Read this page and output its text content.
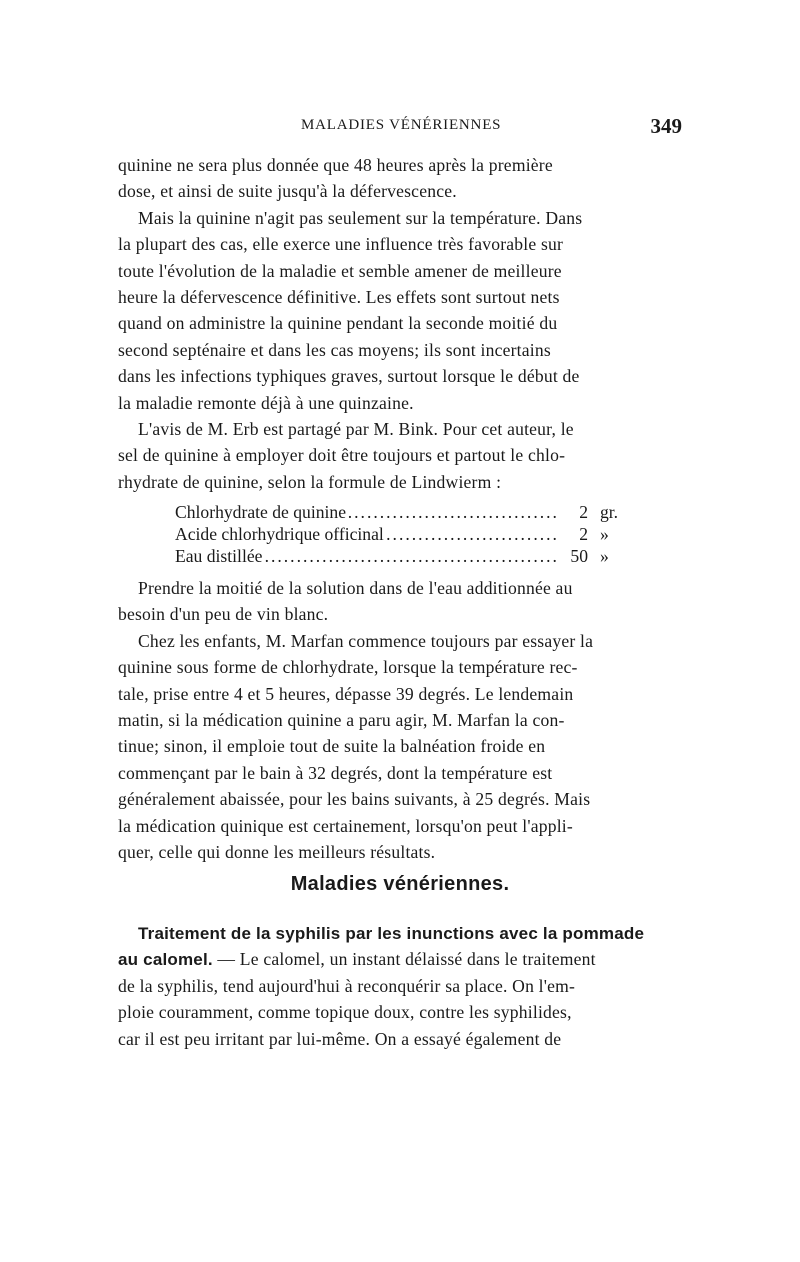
MALADIES VÉNÉRIENNES	349
quinine ne sera plus donnée que 48 heures après la première
dose, et ainsi de suite jusqu'à la défervescence.
Mais la quinine n'agit pas seulement sur la température. Dans
la plupart des cas, elle exerce une influence très favorable sur
toute l'évolution de la maladie et semble amener de meilleure
heure la défervescence définitive. Les effets sont surtout nets
quand on administre la quinine pendant la seconde moitié du
second septénaire et dans les cas moyens; ils sont incertains
dans les infections typhiques graves, surtout lorsque le début de
la maladie remonte déjà à une quinzaine.
L'avis de M. Erb est partagé par M. Bink. Pour cet auteur, le
sel de quinine à employer doit être toujours et partout le chlo-
rhydrate de quinine, selon la formule de Lindwierm :
Chlorhydrate de quinine .....	2 gr.
Acide chlorhydrique officinal .....	2 »
Eau distillée .....	50 »
Prendre la moitié de la solution dans de l'eau additionnée au
besoin d'un peu de vin blanc.
Chez les enfants, M. Marfan commence toujours par essayer la
quinine sous forme de chlorhydrate, lorsque la température rec-
tale, prise entre 4 et 5 heures, dépasse 39 degrés. Le lendemain
matin, si la médication quinine a paru agir, M. Marfan la con-
tinue; sinon, il emploie tout de suite la balnéation froide en
commençant par le bain à 32 degrés, dont la température est
généralement abaissée, pour les bains suivants, à 25 degrés. Mais
la médication quinique est certainement, lorsqu'on peut l'appli-
quer, celle qui donne les meilleurs résultats.
Maladies vénériennes.
Traitement de la syphilis par les inunctions avec la pommade
au calomel. — Le calomel, un instant délaissé dans le traitement
de la syphilis, tend aujourd'hui à reconquérir sa place. On l'em-
ploie couramment, comme topique doux, contre les syphilides,
car il est peu irritant par lui-même. On a essayé également de
